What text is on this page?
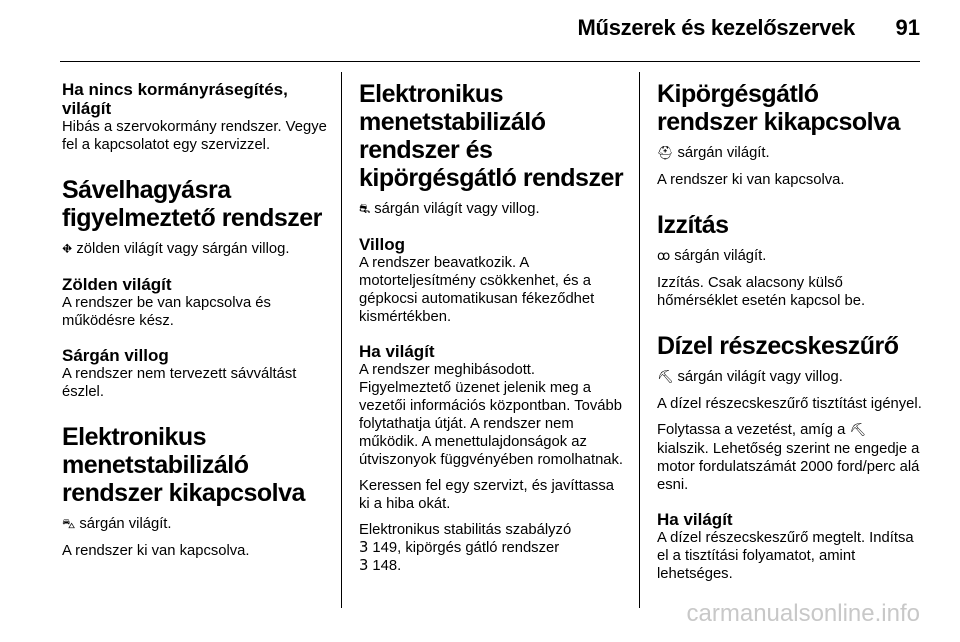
Műszerek és kezelőszervek 91

Ha nincs kormányrásegítés, világít

Hibás a szervokormány rendszer. Vegye fel a kapcsolatot egy szervizzel.

Sávelhagyásra figyelmeztető rendszer

⛖ zölden világít vagy sárgán villog.

Zölden világít

A rendszer be van kapcsolva és működésre kész.

Sárgán villog

A rendszer nem tervezett sávváltást észlel.

Elektronikus menetstabilizáló rendszer kikapcsolva

⛍ sárgán világít.

A rendszer ki van kapcsolva.

Elektronikus menetstabilizáló rendszer és kipörgésgátló rendszer

⛐ sárgán világít vagy villog.

Villog

A rendszer beavatkozik. A motorteljesítmény csökkenhet, és a gépkocsi automatikusan fékeződhet kismértékben.

Ha világít

A rendszer meghibásodott. Figyelmeztető üzenet jelenik meg a vezetői információs központban. Tovább folytathatja útját. A rendszer nem működik. A menettulajdonságok az útviszonyok függvényében romolhatnak.

Keressen fel egy szervizt, és javíttassa ki a hiba okát.

Elektronikus stabilitás szabályzó
3 149, kipörgés gátló rendszer
3 148.

Kipörgésgátló rendszer kikapcsolva

⛑ sárgán világít.

A rendszer ki van kapcsolva.

Izzítás

ꝏ sárgán világít.

Izzítás. Csak alacsony külső hőmérséklet esetén kapcsol be.

Dízel részecskeszűrő

⛏ sárgán világít vagy villog.

A dízel részecskeszűrő tisztítást igényel.

Folytassa a vezetést, amíg a ⛏ kialszik. Lehetőség szerint ne engedje a motor fordulatszámát 2000 ford/perc alá esni.

Ha világít

A dízel részecskeszűrő megtelt. Indítsa el a tisztítási folyamatot, amint lehetséges.

carmanualsonline.info
